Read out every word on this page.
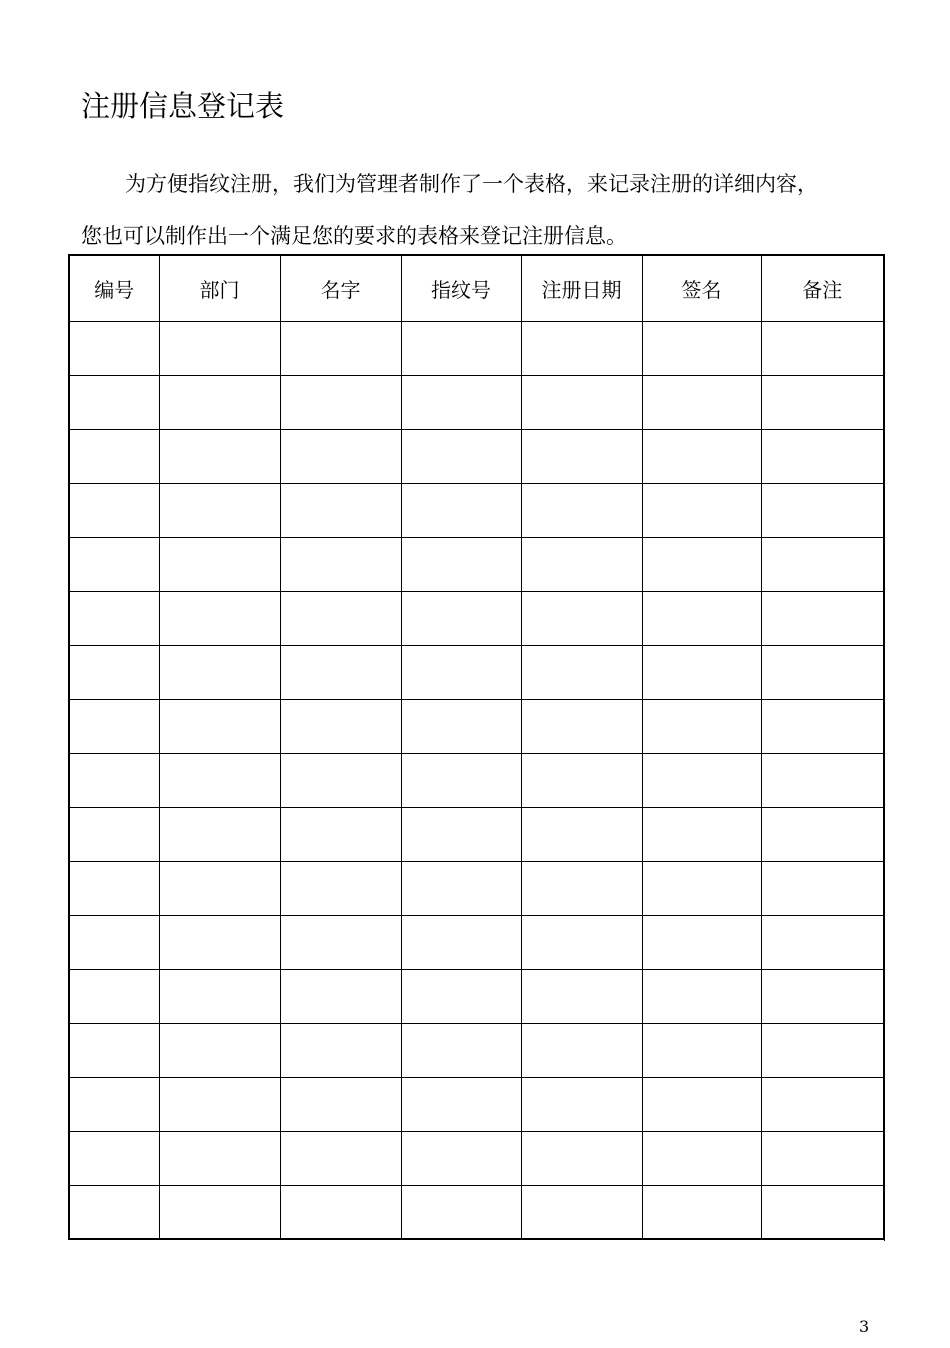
注册信息登记表

为方便指纹注册，我们为管理者制作了一个表格，来记录注册的详细内容，
您也可以制作出一个满足您的要求的表格来登记注册信息。

编号	部门	名字	指纹号	注册日期	签名	备注

3
